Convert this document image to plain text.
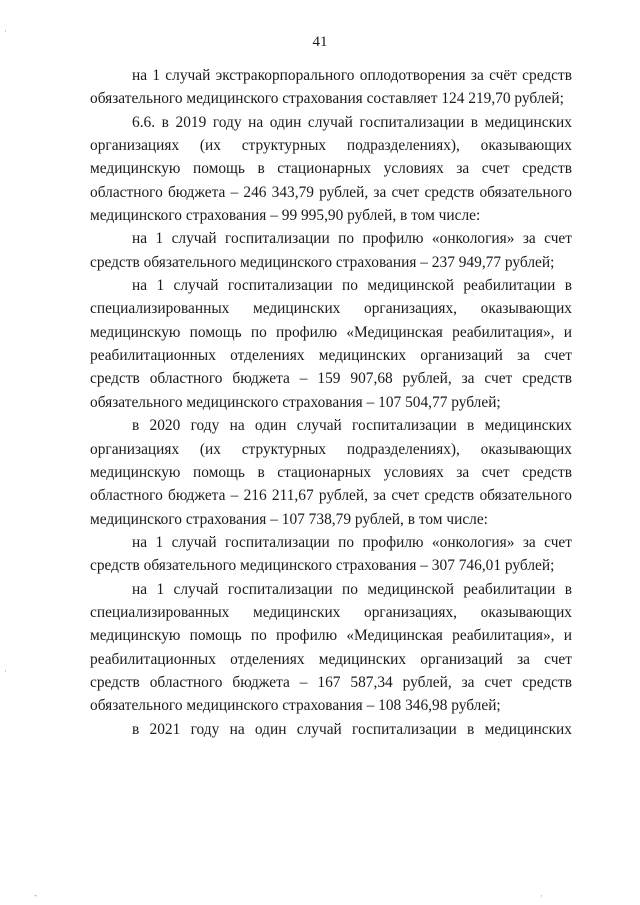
41

на 1 случай экстракорпорального оплодотворения за счёт средств обязательного медицинского страхования составляет 124 219,70 рублей;

6.6. в 2019 году на один случай госпитализации в медицинских организациях (их структурных подразделениях), оказывающих медицинскую помощь в стационарных условиях за счет средств областного бюджета – 246 343,79 рублей, за счет средств обязательного медицинского страхования – 99 995,90 рублей, в том числе:

на 1 случай госпитализации по профилю «онкология» за счет средств обязательного медицинского страхования – 237 949,77 рублей;

на 1 случай госпитализации по медицинской реабилитации в специализированных медицинских организациях, оказывающих медицинскую помощь по профилю «Медицинская реабилитация», и реабилитационных отделениях медицинских организаций за счет средств областного бюджета – 159 907,68 рублей, за счет средств обязательного медицинского страхования – 107 504,77 рублей;

в 2020 году на один случай госпитализации в медицинских организациях (их структурных подразделениях), оказывающих медицинскую помощь в стационарных условиях за счет средств областного бюджета – 216 211,67 рублей, за счет средств обязательного медицинского страхования – 107 738,79 рублей, в том числе:

на 1 случай госпитализации по профилю «онкология» за счет средств обязательного медицинского страхования – 307 746,01 рублей;

на 1 случай госпитализации по медицинской реабилитации в специализированных медицинских организациях, оказывающих медицинскую помощь по профилю «Медицинская реабилитация», и реабилитационных отделениях медицинских организаций за счет средств областного бюджета – 167 587,34 рублей, за счет средств обязательного медицинского страхования – 108 346,98 рублей;

в 2021 году на один случай госпитализации в медицинских

·
·
-	·
